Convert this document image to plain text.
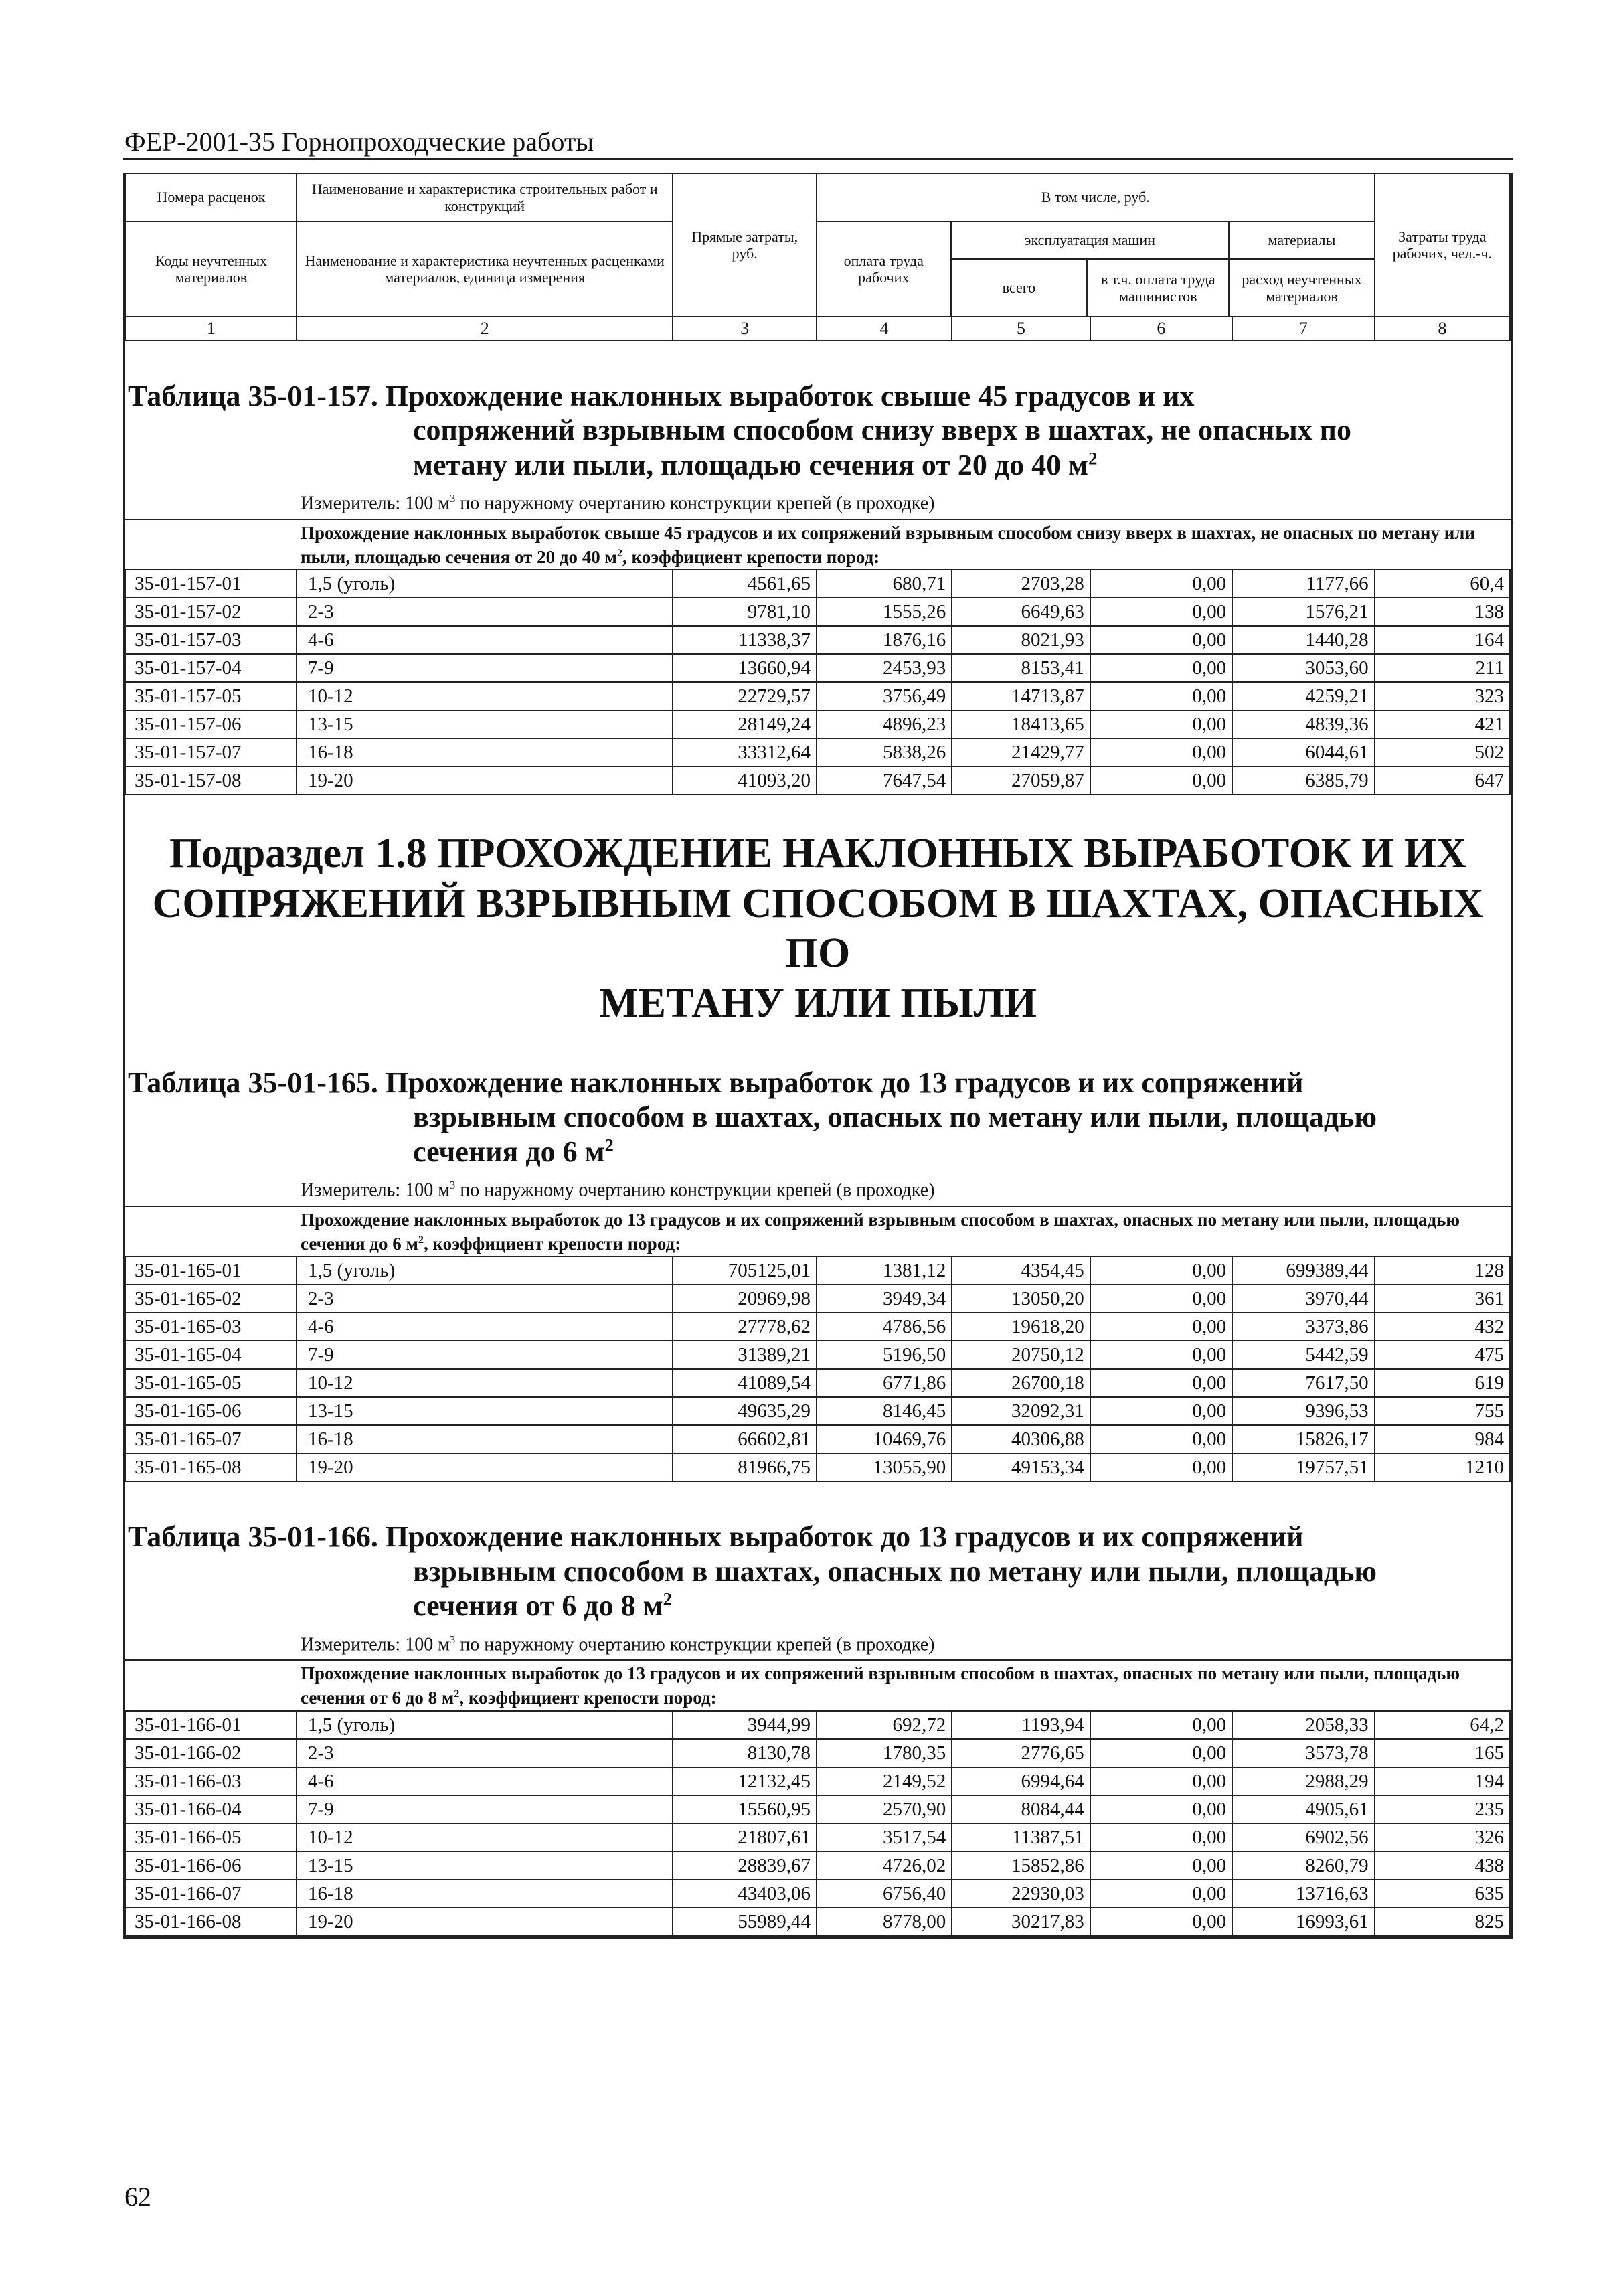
ФЕР-2001-35 Горнопроходческие работы
Номера расценок	Наименование и характеристика строительных работ и конструкций	Прямые затраты, руб.	В том числе, руб.	Затраты труда рабочих, чел.-ч.
Коды неучтенных материалов	Наименование и характеристика неучтенных расценками материалов, единица измерения	
оплата труда рабочих	эксплуатация машин	материалы
всего	в т.ч. оплата труда машинистов	расход неучтенных материалов

1	2	3	4	5	6	7	8
Таблица 35-01-157. Прохождение наклонных выработок свыше 45 градусов и их
сопряжений взрывным способом снизу вверх в шахтах, не опасных по
метану или пыли, площадью сечения от 20 до 40 $м^2$
Измеритель: 100 $м^3$ по наружному очертанию конструкции крепей (в проходке)
Прохождение наклонных выработок свыше 45 градусов и их сопряжений взрывным способом снизу вверх в шахтах, не опасных по метану или пыли, площадью сечения от 20 до 40 $м^2$, коэффициент крепости пород:
35-01-157-01	1,5 (уголь)	4561,65	680,71	2703,28	0,00	1177,66	60,4
35-01-157-02	2-3	9781,10	1555,26	6649,63	0,00	1576,21	138
35-01-157-03	4-6	11338,37	1876,16	8021,93	0,00	1440,28	164
35-01-157-04	7-9	13660,94	2453,93	8153,41	0,00	3053,60	211
35-01-157-05	10-12	22729,57	3756,49	14713,87	0,00	4259,21	323
35-01-157-06	13-15	28149,24	4896,23	18413,65	0,00	4839,36	421
35-01-157-07	16-18	33312,64	5838,26	21429,77	0,00	6044,61	502
35-01-157-08	19-20	41093,20	7647,54	27059,87	0,00	6385,79	647
Подраздел 1.8 ПРОХОЖДЕНИЕ НАКЛОННЫХ ВЫРАБОТОК И ИХ
СОПРЯЖЕНИЙ ВЗРЫВНЫМ СПОСОБОМ В ШАХТАХ, ОПАСНЫХ ПО
МЕТАНУ ИЛИ ПЫЛИ
Таблица 35-01-165. Прохождение наклонных выработок до 13 градусов и их сопряжений
взрывным способом в шахтах, опасных по метану или пыли, площадью
сечения до 6 $м^2$
Измеритель: 100 $м^3$ по наружному очертанию конструкции крепей (в проходке)
Прохождение наклонных выработок до 13 градусов и их сопряжений взрывным способом в шахтах, опасных по метану или пыли, площадью сечения до 6 $м^2$, коэффициент крепости пород:
35-01-165-01	1,5 (уголь)	705125,01	1381,12	4354,45	0,00	699389,44	128
35-01-165-02	2-3	20969,98	3949,34	13050,20	0,00	3970,44	361
35-01-165-03	4-6	27778,62	4786,56	19618,20	0,00	3373,86	432
35-01-165-04	7-9	31389,21	5196,50	20750,12	0,00	5442,59	475
35-01-165-05	10-12	41089,54	6771,86	26700,18	0,00	7617,50	619
35-01-165-06	13-15	49635,29	8146,45	32092,31	0,00	9396,53	755
35-01-165-07	16-18	66602,81	10469,76	40306,88	0,00	15826,17	984
35-01-165-08	19-20	81966,75	13055,90	49153,34	0,00	19757,51	1210
Таблица 35-01-166. Прохождение наклонных выработок до 13 градусов и их сопряжений
взрывным способом в шахтах, опасных по метану или пыли, площадью
сечения от 6 до 8 $м^2$
Измеритель: 100 $м^3$ по наружному очертанию конструкции крепей (в проходке)
Прохождение наклонных выработок до 13 градусов и их сопряжений взрывным способом в шахтах, опасных по метану или пыли, площадью сечения от 6 до 8 $м^2$, коэффициент крепости пород:
35-01-166-01	1,5 (уголь)	3944,99	692,72	1193,94	0,00	2058,33	64,2
35-01-166-02	2-3	8130,78	1780,35	2776,65	0,00	3573,78	165
35-01-166-03	4-6	12132,45	2149,52	6994,64	0,00	2988,29	194
35-01-166-04	7-9	15560,95	2570,90	8084,44	0,00	4905,61	235
35-01-166-05	10-12	21807,61	3517,54	11387,51	0,00	6902,56	326
35-01-166-06	13-15	28839,67	4726,02	15852,86	0,00	8260,79	438
35-01-166-07	16-18	43403,06	6756,40	22930,03	0,00	13716,63	635
35-01-166-08	19-20	55989,44	8778,00	30217,83	0,00	16993,61	825
62
